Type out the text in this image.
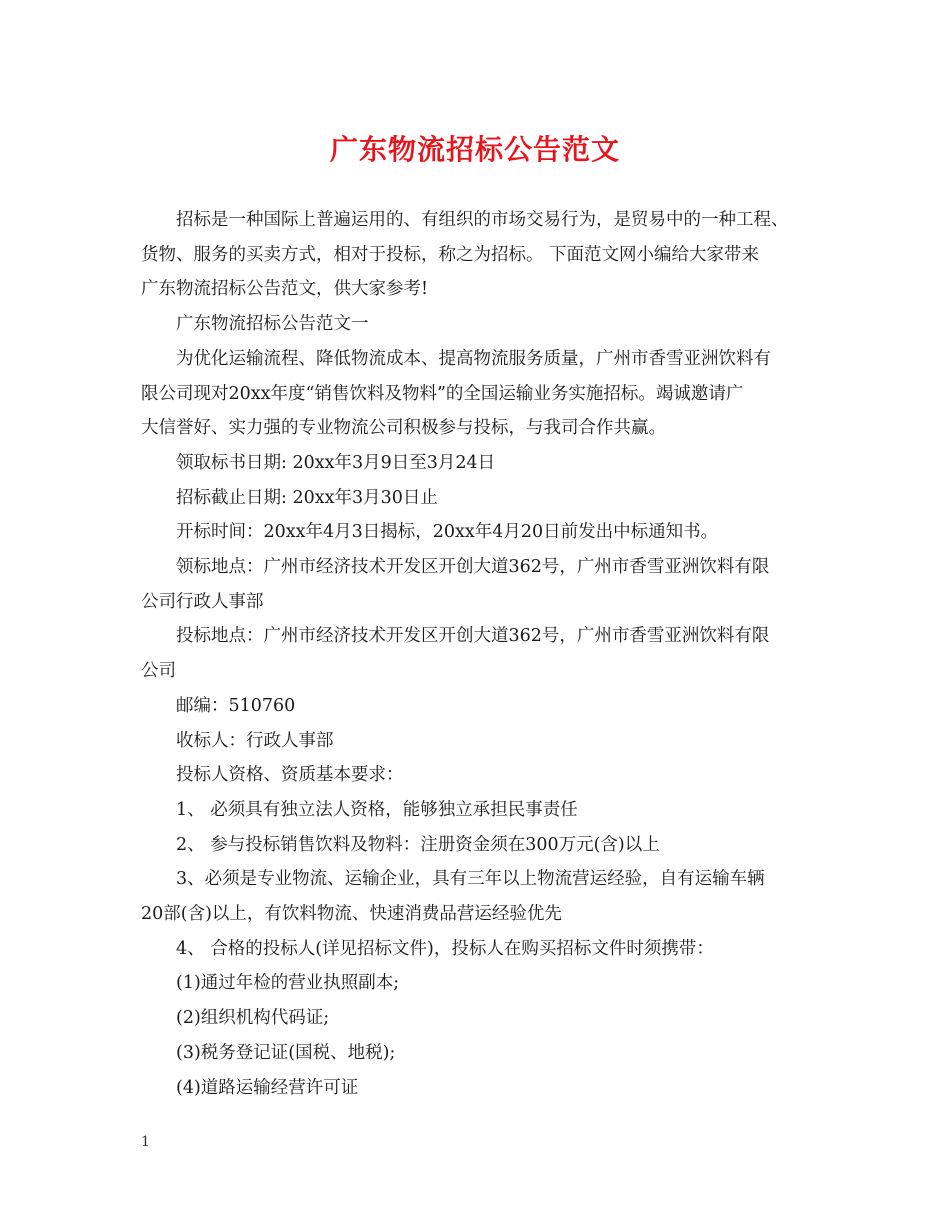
广东物流招标公告范文

招标是一种国际上普遍运用的、有组织的市场交易行为，是贸易中的一种工程、

货物、服务的买卖方式，相对于投标，称之为招标。 下面范文网小编给大家带来

广东物流招标公告范文，供大家参考!

广东物流招标公告范文一

为优化运输流程、降低物流成本、提高物流服务质量，广州市香雪亚洲饮料有

限公司现对20xx年度“销售饮料及物料”的全国运输业务实施招标。竭诚邀请广

大信誉好、实力强的专业物流公司积极参与投标，与我司合作共赢。

领取标书日期: 20xx年3月9日至3月24日

招标截止日期: 20xx年3月30日止

开标时间：20xx年4月3日揭标，20xx年4月20日前发出中标通知书。

领标地点：广州市经济技术开发区开创大道362号，广州市香雪亚洲饮料有限

公司行政人事部

投标地点：广州市经济技术开发区开创大道362号，广州市香雪亚洲饮料有限

公司

邮编：510760

收标人：行政人事部

投标人资格、资质基本要求：

1、 必须具有独立法人资格，能够独立承担民事责任

2、 参与投标销售饮料及物料：注册资金须在300万元(含)以上

3、必须是专业物流、运输企业，具有三年以上物流营运经验，自有运输车辆

20部(含)以上，有饮料物流、快速消费品营运经验优先

4、 合格的投标人(详见招标文件)，投标人在购买招标文件时须携带：

(1)通过年检的营业执照副本;

(2)组织机构代码证;

(3)税务登记证(国税、地税);

(4)道路运输经营许可证

1
